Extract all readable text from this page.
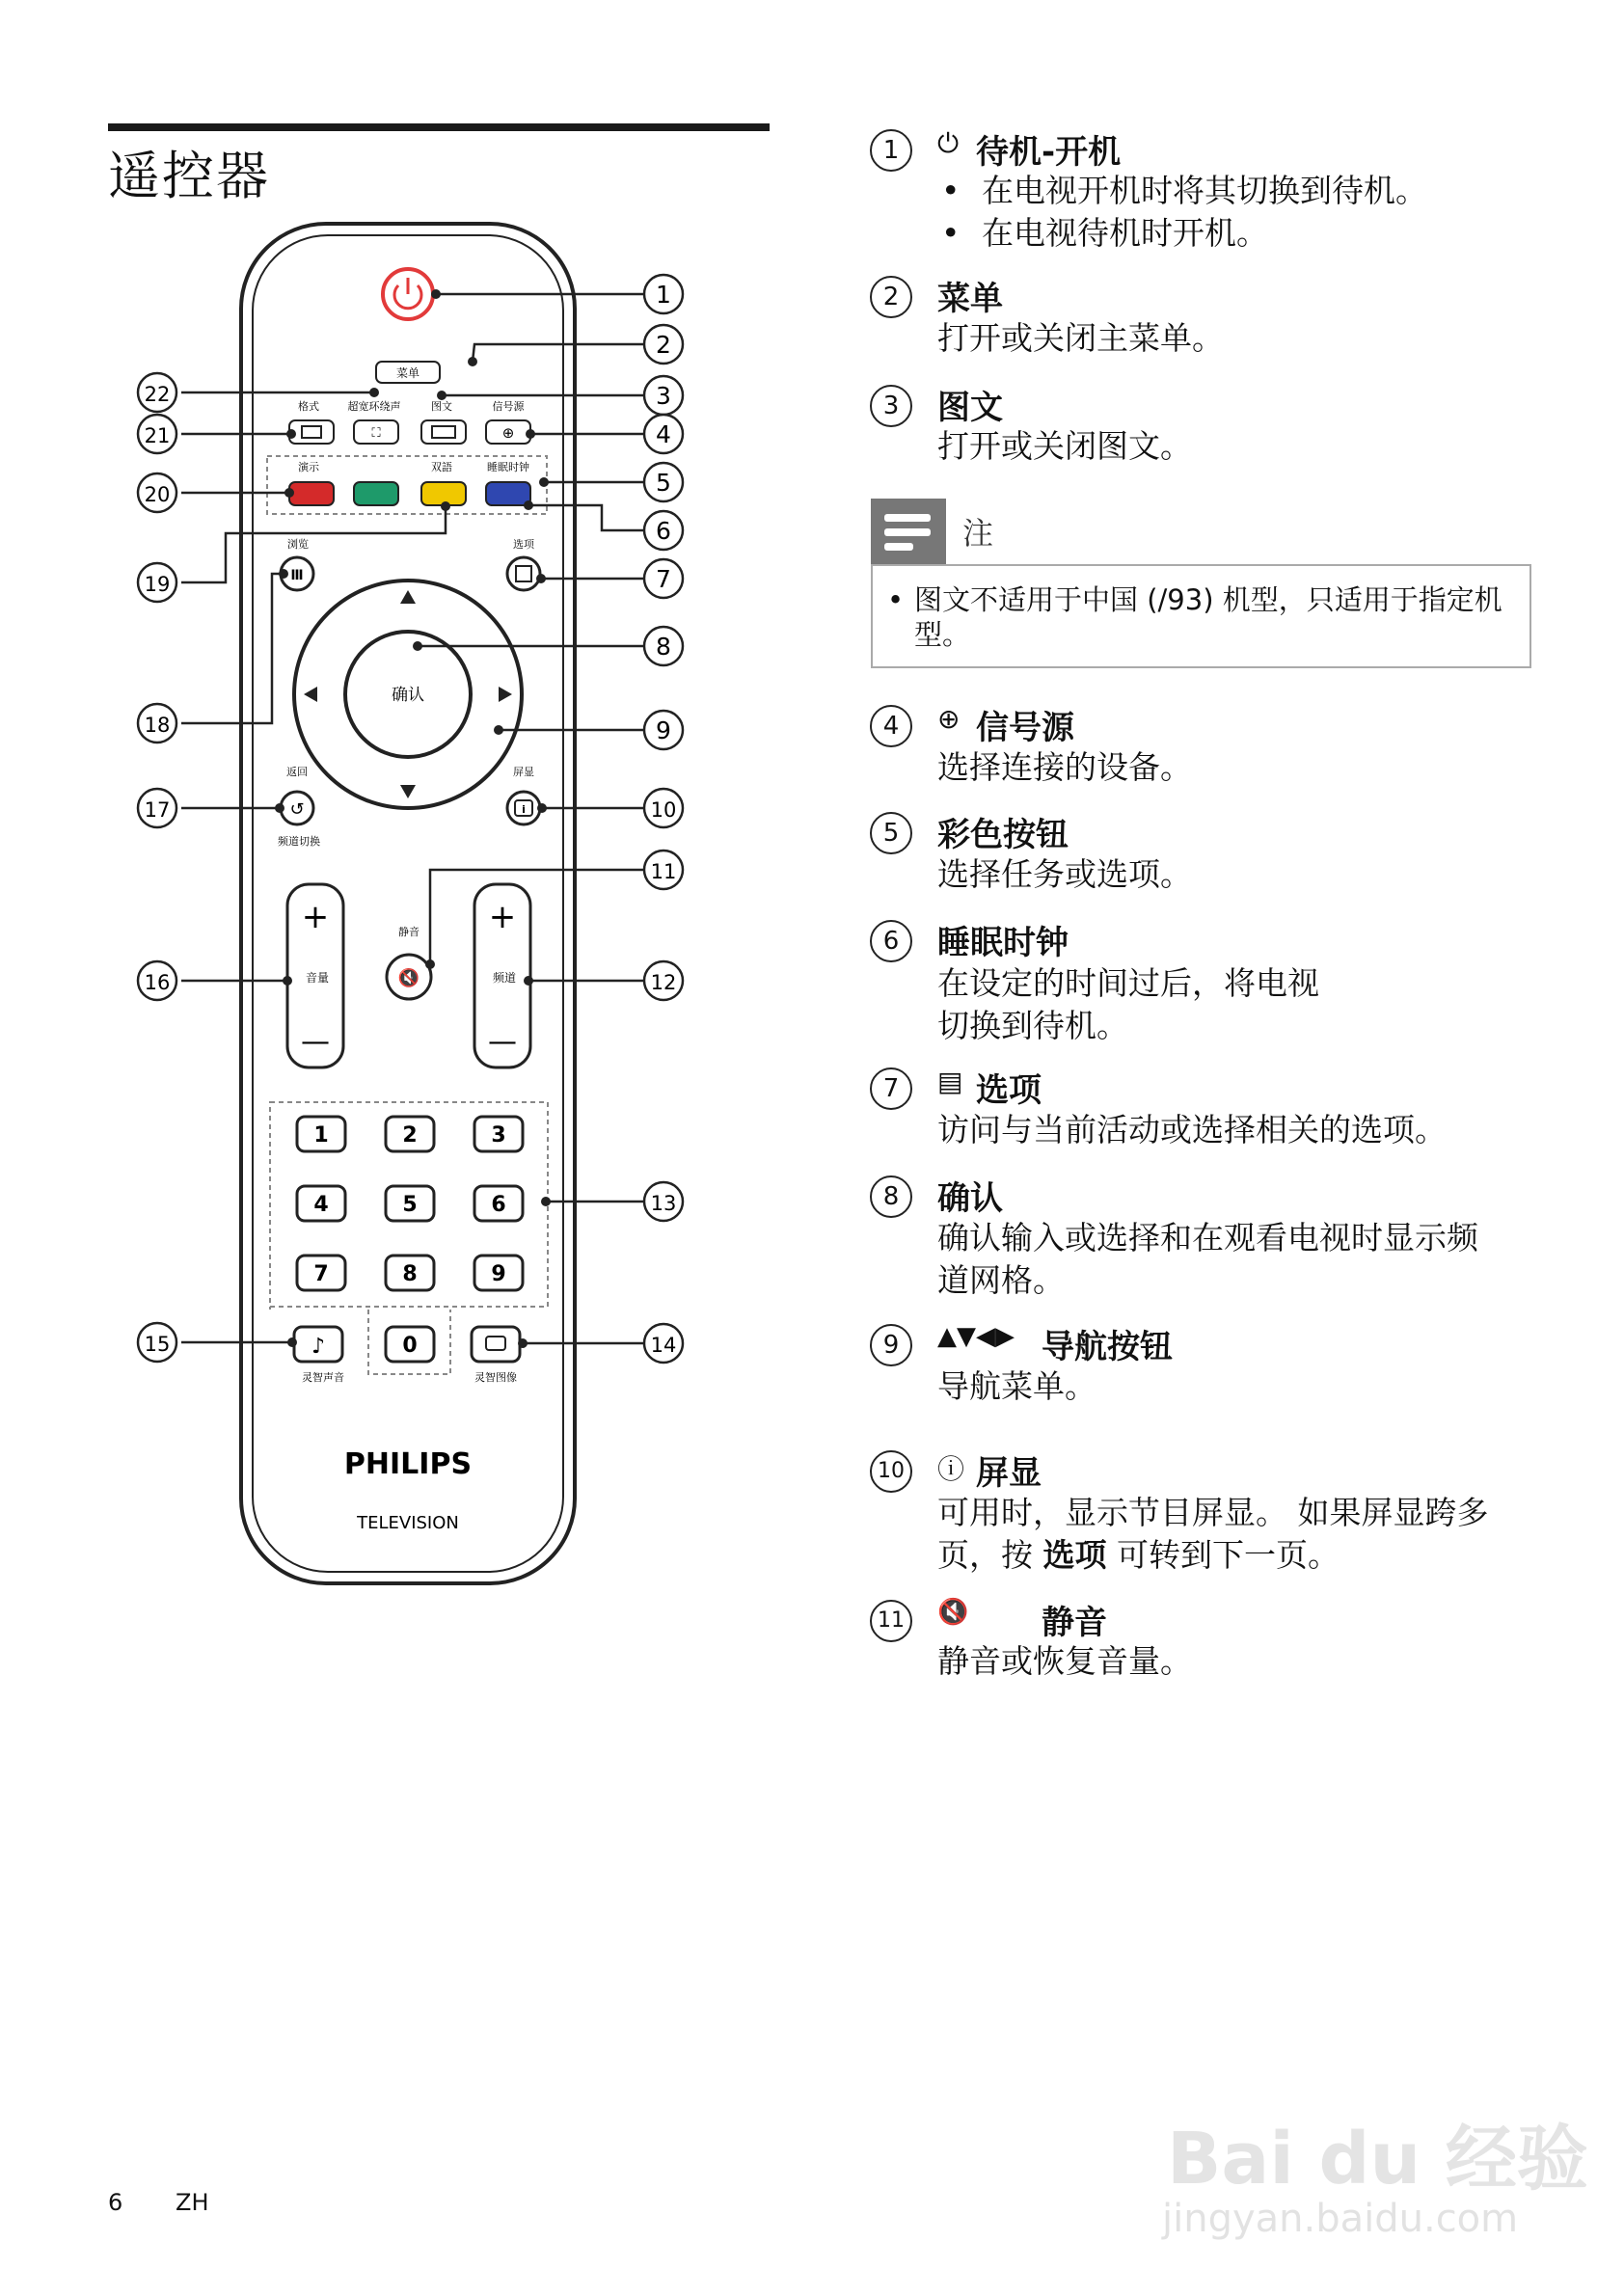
遥控器
菜单
格式	超宽环绕声	图文	信号源
⛶	⊕
演示	双語	睡眠时钟
浏览
Ⅲ
选项
确认
返回
↺
频道切换
屏显
i
+
音量
—
+
频道
—
静音
🔇
1	2	3
4	5	6
7	8	9
0
♪
灵智声音	灵智图像
PHILIPS
TELEVISION
1
2
3
4
5
6
7
8
9
10
11
12
13
14
15
16
17
18
19
20
21
22
1	⏻ 待机-开机
• 在电视开机时将其切换到待机。
• 在电视待机时开机。
2	菜单
打开或关闭主菜单。
3	图文
打开或关闭图文。
4	⊕ 信号源
选择连接的设备。
5	彩色按钮
选择任务或选项。
6	睡眠时钟
在设定的时间过后，将电视
切换到待机。
7	▤ 选项
访问与当前活动或选择相关的选项。
8	确认
确认输入或选择和在观看电视时显示频
道网格。
9	▲▼◀▶ 导航按钮
导航菜单。
10 ⓘ 屏显
可用时，显示节目屏显。 如果屏显跨多
页，按 选项 可转到下一页。
11	🔇 静音
静音或恢复音量。
注
• 图文不适用于中国 (/93) 机型，只适用于指定机型。
6 ZH
Bai du 经验
jingyan.baidu.com
